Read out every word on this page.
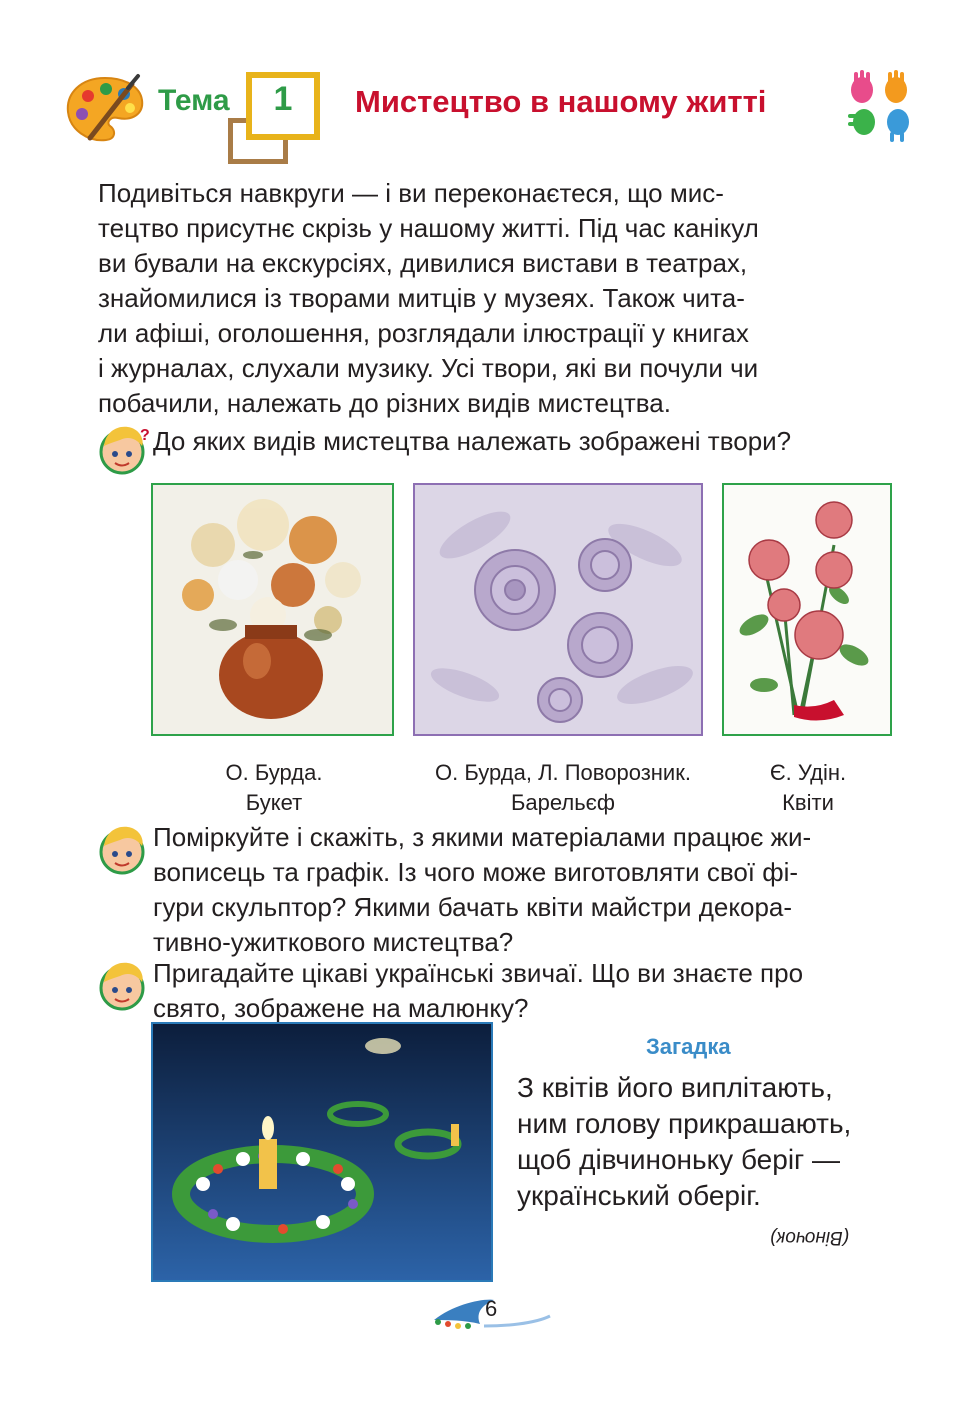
Тема	1	Мистецтво в нашому житті
Подивіться навкруги — і ви переконаєтеся, що мис-
тецтво присутнє скрізь у нашому житті. Під час канікул
ви бували на екскурсіях, дивилися вистави в театрах,
знайомилися із творами митців у музеях. Також чита-
ли афіші, оголошення, розглядали ілюстрації у книгах
і журналах, слухали музику. Усі твори, які ви почули чи
побачили, належать до різних видів мистецтва.
? До яких видів мистецтва належать зображені твори?
О. Бурда.
Букет
О. Бурда, Л. Поворозник.
Барельєф
Є. Удін.
Квіти
Поміркуйте і скажіть, з якими матеріалами працює жи-
вописець та графік. Із чого може виготовляти свої фі-
гури скульптор? Якими бачать квіти майстри декора-
тивно-ужиткового мистецтва?
Пригадайте цікаві українські звичаї. Що ви знаєте про
свято, зображене на малюнку?
Загадка
З квітів його виплітають,
ним голову прикрашають,
щоб дівчиноньку беріг —
український оберіг.
(Віночок)
6
